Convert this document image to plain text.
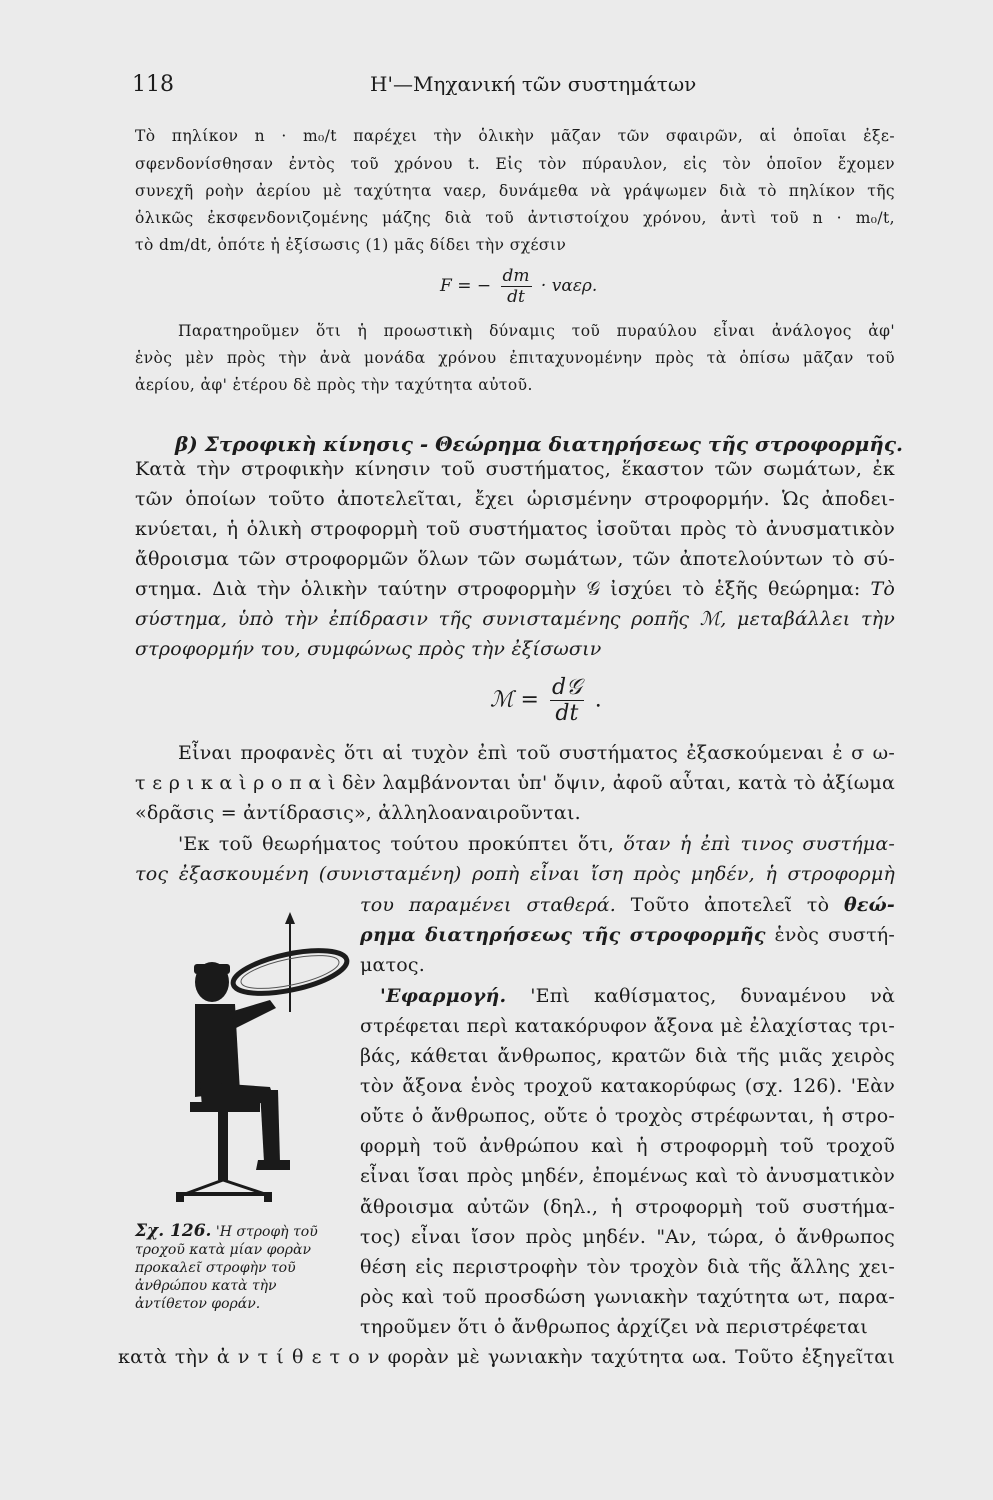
118	Η'—Μηχανική τῶν συστημάτων
Τὸ πηλίκον n · m₀/t παρέχει τὴν ὁλικὴν μᾶζαν τῶν σφαιρῶν, αἱ ὁποῖαι ἐξε-
σφενδονίσθησαν ἐντὸς τοῦ χρόνου t. Εἰς τὸν πύραυλον, εἰς τὸν ὁποῖον ἔχομεν
συνεχῆ ροὴν ἀερίου μὲ ταχύτητα vαερ, δυνάμεθα νὰ γράψωμεν διὰ τὸ πηλίκον τῆς
ὁλικῶς ἐκσφενδονιζομένης μάζης διὰ τοῦ ἀντιστοίχου χρόνου, ἀντὶ τοῦ n · m₀/t,
τὸ dm/dt, ὁπότε ἡ ἐξίσωσις (1) μᾶς δίδει τὴν σχέσιν
F = − $\frac{dm}{dt} \cdot v\alpha\varepsilon\rho$.
Παρατηροῦμεν ὅτι ἡ προωστικὴ δύναμις τοῦ πυραύλου εἶναι ἀνάλογος ἀφ'
ἑνὸς μὲν πρὸς τὴν ἀνὰ μονάδα χρόνου ἐπιταχυνομένην πρὸς τὰ ὀπίσω μᾶζαν τοῦ
ἀερίου, ἀφ' ἑτέρου δὲ πρὸς τὴν ταχύτητα αὐτοῦ.
β) Στροφικὴ κίνησις - Θεώρημα διατηρήσεως τῆς στροφορμῆς.
Κατὰ τὴν στροφικὴν κίνησιν τοῦ συστήματος, ἕκαστον τῶν σωμάτων, ἐκ
τῶν ὁποίων τοῦτο ἀποτελεῖται, ἔχει ὡρισμένην στροφορμήν. Ὡς ἀποδει-
κνύεται, ἡ ὁλικὴ στροφορμὴ τοῦ συστήματος ἰσοῦται πρὸς τὸ ἀνυσματικὸν
ἄθροισμα τῶν στροφορμῶν ὅλων τῶν σωμάτων, τῶν ἀποτελούντων τὸ σύ-
στημα. Διὰ τὴν ὁλικὴν ταύτην στροφορμὴν 𝒢 ἰσχύει τὸ ἑξῆς θεώρημα: Τὸ
σύστημα, ὑπὸ τὴν ἐπίδρασιν τῆς συνισταμένης ροπῆς ℳ, μεταβάλλει τὴν
στροφορμήν του, συμφώνως πρὸς τὴν ἐξίσωσιν
ℳ = d𝒢
dt
.
Εἶναι προφανὲς ὅτι αἱ τυχὸν ἐπὶ τοῦ συστήματος ἐξασκούμεναι ἐ σ ω-
τ ε ρ ι κ α ὶ ρ ο π α ὶ δὲν λαμβάνονται ὑπ' ὄψιν, ἀφοῦ αὗται, κατὰ τὸ ἀξίωμα
«δρᾶσις = ἀντίδρασις», ἀλληλοαναιροῦνται.
'Εκ τοῦ θεωρήματος τούτου προκύπτει ὅτι, ὅταν ἡ ἐπὶ τινος συστήμα-
τος ἐξασκουμένη (συνισταμένη) ροπὴ εἶναι ἴση πρὸς μηδέν, ἡ στροφορμὴ
του παραμένει σταθερά. Τοῦτο ἀποτελεῖ τὸ θεώ-
ρημα διατηρήσεως τῆς στροφορμῆς ἑνὸς συστή-
ματος.
'Εφαρμογή. 'Επὶ καθίσματος, δυναμένου νὰ
στρέφεται περὶ κατακόρυφον ἄξονα μὲ ἐλαχίστας τρι-
βάς, κάθεται ἄνθρωπος, κρατῶν διὰ τῆς μιᾶς χειρὸς
τὸν ἄξονα ἑνὸς τροχοῦ κατακορύφως (σχ. 126). 'Εὰν
οὔτε ὁ ἄνθρωπος, οὔτε ὁ τροχὸς στρέφωνται, ἡ στρο-
φορμὴ τοῦ ἀνθρώπου καὶ ἡ στροφορμὴ τοῦ τροχοῦ
εἶναι ἴσαι πρὸς μηδέν, ἐπομένως καὶ τὸ ἀνυσματικὸν
ἄθροισμα αὐτῶν (δηλ., ἡ στροφορμὴ τοῦ συστήμα-
τος) εἶναι ἴσον πρὸς μηδέν. "Αν, τώρα, ὁ ἄνθρωπος
θέση εἰς περιστροφὴν τὸν τροχὸν διὰ τῆς ἄλλης χει-
ρὸς καὶ τοῦ προσδώση γωνιακὴν ταχύτητα ωτ, παρα-
τηροῦμεν ὅτι ὁ ἄνθρωπος ἀρχίζει νὰ περιστρέφεται
κατὰ τὴν ἀ ν τ ί θ ε τ ο ν φορὰν μὲ γωνιακὴν ταχύτητα ωα. Τοῦτο ἐξηγεῖται
Σχ. 126. 'Η στροφὴ τοῦ τροχοῦ κατὰ μίαν φορὰν προκαλεῖ στροφὴν τοῦ ἀνθρώπου κατὰ τὴν ἀντίθετον φοράν.
